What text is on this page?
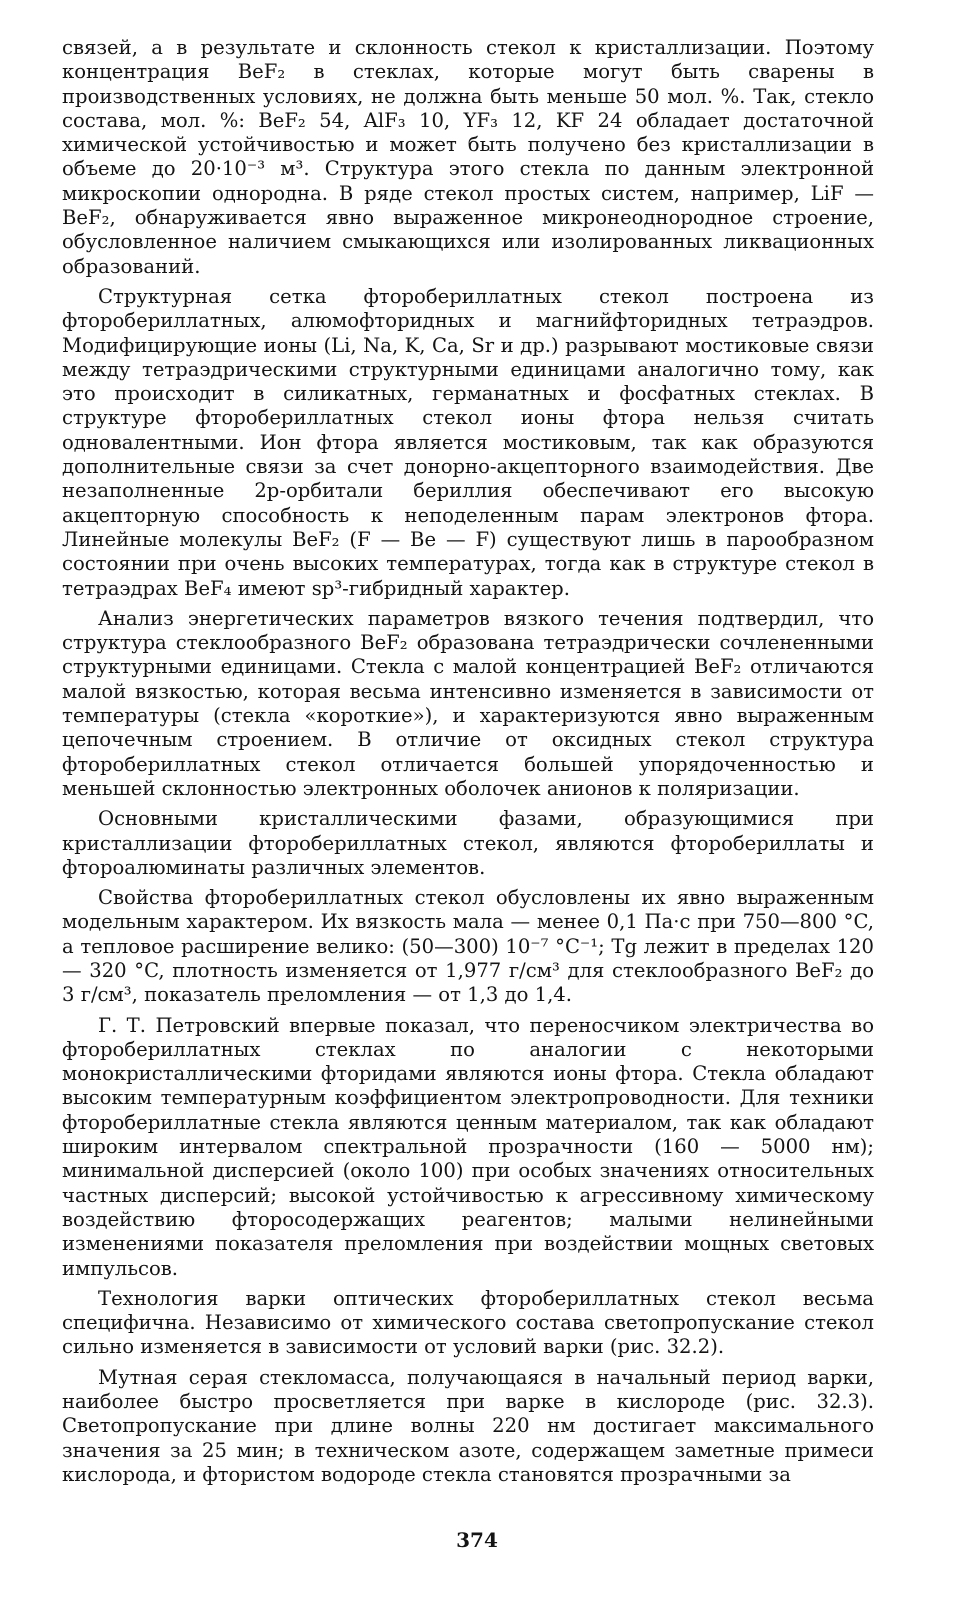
связей, а в результате и склонность стекол к кристаллизации. Поэтому концентрация BeF₂ в стеклах, которые могут быть сварены в производственных условиях, не должна быть меньше 50 мол. %. Так, стекло состава, мол. %: BeF₂ 54, AlF₃ 10, YF₃ 12, KF 24 обладает достаточной химической устойчивостью и может быть получено без кристаллизации в объеме до 20·10⁻³ м³. Структура этого стекла по данным электронной микроскопии однородна. В ряде стекол простых систем, например, LiF — BeF₂, обнаруживается явно выраженное микронеоднородное строение, обусловленное наличием смыкающихся или изолированных ликвационных образований.

Структурная сетка фторобериллатных стекол построена из фторобериллатных, алюмофторидных и магнийфторидных тетраэдров. Модифицирующие ионы (Li, Na, K, Ca, Sr и др.) разрывают мостиковые связи между тетраэдрическими структурными единицами аналогично тому, как это происходит в силикатных, германатных и фосфатных стеклах. В структуре фторобериллатных стекол ионы фтора нельзя считать одновалентными. Ион фтора является мостиковым, так как образуются дополнительные связи за счет донорно-акцепторного взаимодействия. Две незаполненные 2p-орбитали бериллия обеспечивают его высокую акцепторную способность к неподеленным парам электронов фтора. Линейные молекулы BeF₂ (F — Be — F) существуют лишь в парообразном состоянии при очень высоких температурах, тогда как в структуре стекол в тетраэдрах BeF₄ имеют sp³-гибридный характер.

Анализ энергетических параметров вязкого течения подтвердил, что структура стеклообразного BeF₂ образована тетраэдрически сочлененными структурными единицами. Стекла с малой концентрацией BeF₂ отличаются малой вязкостью, которая весьма интенсивно изменяется в зависимости от температуры (стекла «короткие»), и характеризуются явно выраженным цепочечным строением. В отличие от оксидных стекол структура фторобериллатных стекол отличается большей упорядоченностью и меньшей склонностью электронных оболочек анионов к поляризации.

Основными кристаллическими фазами, образующимися при кристаллизации фторобериллатных стекол, являются фторобериллаты и фтороалюминаты различных элементов.

Свойства фторобериллатных стекол обусловлены их явно выраженным модельным характером. Их вязкость мала — менее 0,1 Па·с при 750—800 °C, а тепловое расширение велико: (50—300) 10⁻⁷ °C⁻¹; Tg лежит в пределах 120 — 320 °C, плотность изменяется от 1,977 г/см³ для стеклообразного BeF₂ до 3 г/см³, показатель преломления — от 1,3 до 1,4.

Г. Т. Петровский впервые показал, что переносчиком электричества во фторобериллатных стеклах по аналогии с некоторыми монокристаллическими фторидами являются ионы фтора. Стекла обладают высоким температурным коэффициентом электропроводности. Для техники фторобериллатные стекла являются ценным материалом, так как обладают широким интервалом спектральной прозрачности (160 — 5000 нм); минимальной дисперсией (около 100) при особых значениях относительных частных дисперсий; высокой устойчивостью к агрессивному химическому воздействию фторосодержащих реагентов; малыми нелинейными изменениями показателя преломления при воздействии мощных световых импульсов.

Технология варки оптических фторобериллатных стекол весьма специфична. Независимо от химического состава светопропускание стекол сильно изменяется в зависимости от условий варки (рис. 32.2).

Мутная серая стекломасса, получающаяся в начальный период варки, наиболее быстро просветляется при варке в кислороде (рис. 32.3). Светопропускание при длине волны 220 нм достигает максимального значения за 25 мин; в техническом азоте, содержащем заметные примеси кислорода, и фтористом водороде стекла становятся прозрачными за

374
